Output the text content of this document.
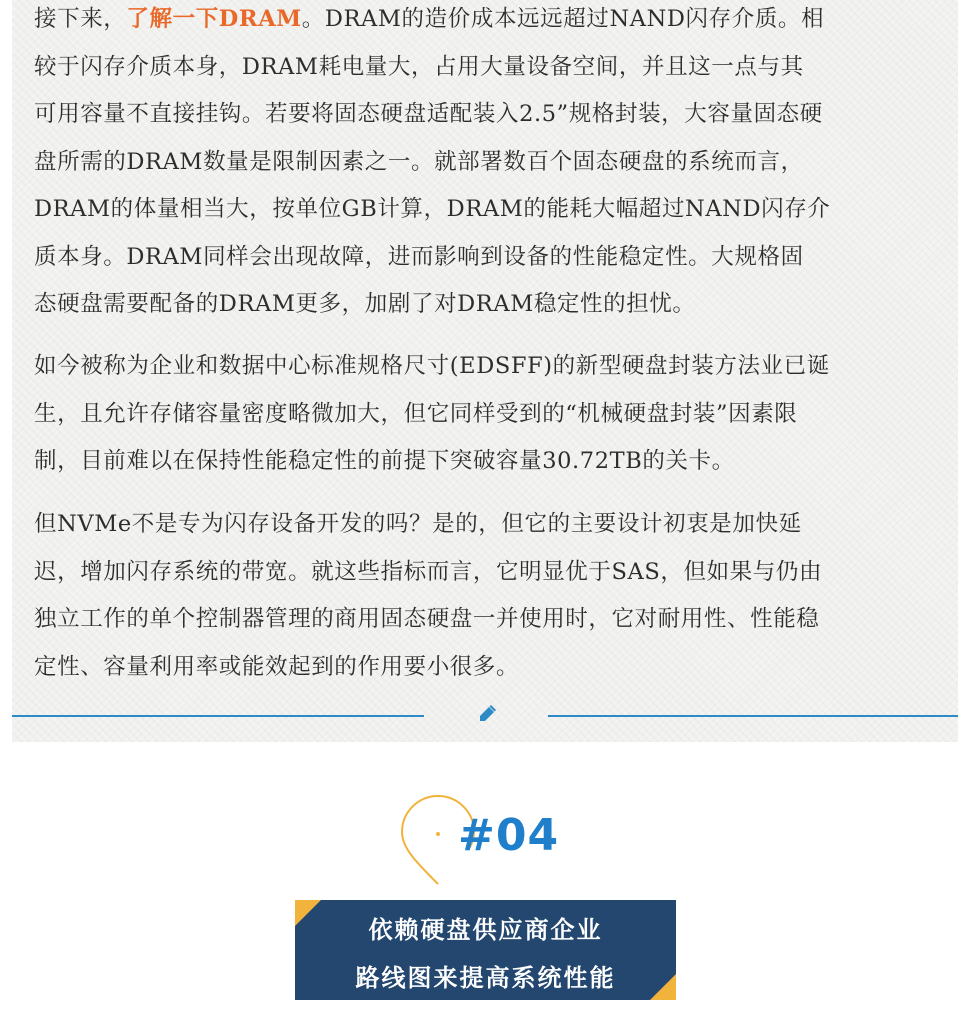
接下来，了解一下DRAM。DRAM的造价成本远远超过NAND闪存介质。相
较于闪存介质本身，DRAM耗电量大，占用大量设备空间，并且这一点与其
可用容量不直接挂钩。若要将固态硬盘适配装入2.5”规格封装，大容量固态硬
盘所需的DRAM数量是限制因素之一。就部署数百个固态硬盘的系统而言，
DRAM的体量相当大，按单位GB计算，DRAM的能耗大幅超过NAND闪存介
质本身。DRAM同样会出现故障，进而影响到设备的性能稳定性。大规格固
态硬盘需要配备的DRAM更多，加剧了对DRAM稳定性的担忧。

如今被称为企业和数据中心标准规格尺寸(EDSFF)的新型硬盘封装方法业已诞
生，且允许存储容量密度略微加大，但它同样受到的“机械硬盘封装”因素限
制，目前难以在保持性能稳定性的前提下突破容量30.72TB的关卡。

但NVMe不是专为闪存设备开发的吗？是的，但它的主要设计初衷是加快延
迟，增加闪存系统的带宽。就这些指标而言，它明显优于SAS，但如果与仍由
独立工作的单个控制器管理的商用固态硬盘一并使用时，它对耐用性、性能稳
定性、容量利用率或能效起到的作用要小很多。

#04
依赖硬盘供应商企业
路线图来提高系统性能
